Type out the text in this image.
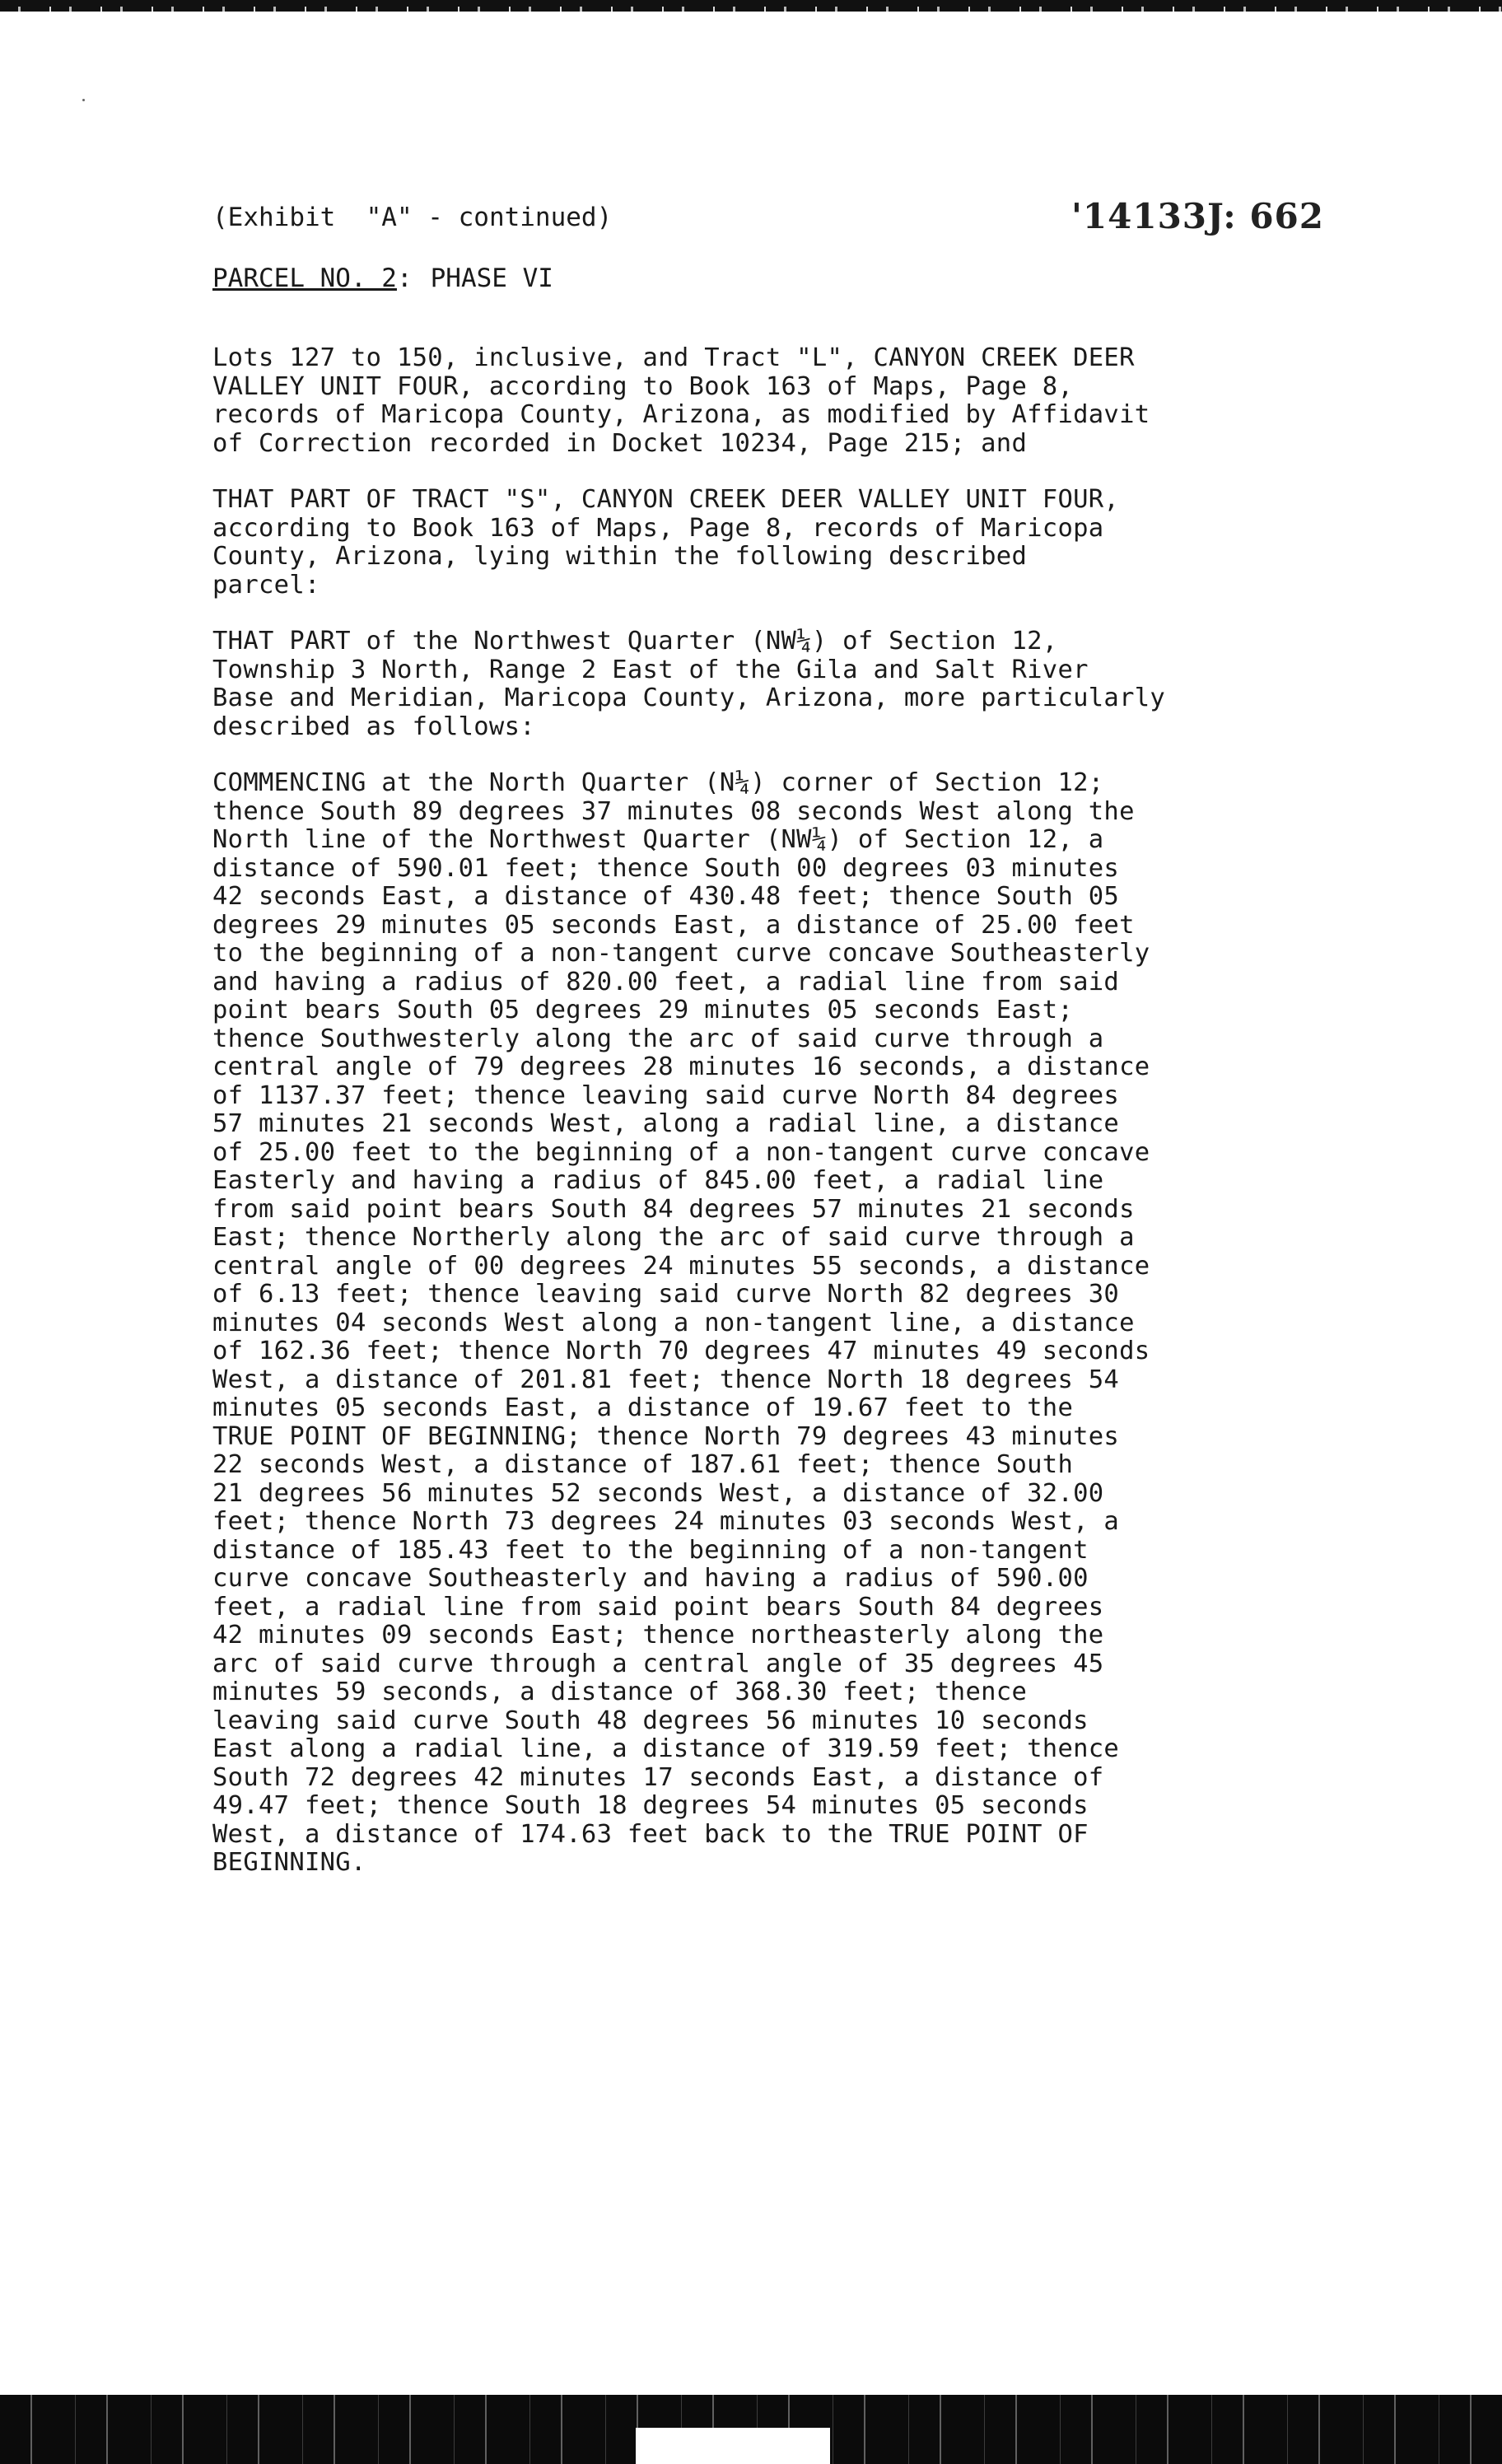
(Exhibit  "A" - continued)	'14133J: 662
PARCEL NO. 2: PHASE VI
Lots 127 to 150, inclusive, and Tract "L", CANYON CREEK DEER
VALLEY UNIT FOUR, according to Book 163 of Maps, Page 8,
records of Maricopa County, Arizona, as modified by Affidavit
of Correction recorded in Docket 10234, Page 215; and
THAT PART OF TRACT "S", CANYON CREEK DEER VALLEY UNIT FOUR,
according to Book 163 of Maps, Page 8, records of Maricopa
County, Arizona, lying within the following described
parcel:
THAT PART of the Northwest Quarter (NW¼) of Section 12,
Township 3 North, Range 2 East of the Gila and Salt River
Base and Meridian, Maricopa County, Arizona, more particularly
described as follows:
COMMENCING at the North Quarter (N¼) corner of Section 12;
thence South 89 degrees 37 minutes 08 seconds West along the
North line of the Northwest Quarter (NW¼) of Section 12, a
distance of 590.01 feet; thence South 00 degrees 03 minutes
42 seconds East, a distance of 430.48 feet; thence South 05
degrees 29 minutes 05 seconds East, a distance of 25.00 feet
to the beginning of a non-tangent curve concave Southeasterly
and having a radius of 820.00 feet, a radial line from said
point bears South 05 degrees 29 minutes 05 seconds East;
thence Southwesterly along the arc of said curve through a
central angle of 79 degrees 28 minutes 16 seconds, a distance
of 1137.37 feet; thence leaving said curve North 84 degrees
57 minutes 21 seconds West, along a radial line, a distance
of 25.00 feet to the beginning of a non-tangent curve concave
Easterly and having a radius of 845.00 feet, a radial line
from said point bears South 84 degrees 57 minutes 21 seconds
East; thence Northerly along the arc of said curve through a
central angle of 00 degrees 24 minutes 55 seconds, a distance
of 6.13 feet; thence leaving said curve North 82 degrees 30
minutes 04 seconds West along a non-tangent line, a distance
of 162.36 feet; thence North 70 degrees 47 minutes 49 seconds
West, a distance of 201.81 feet; thence North 18 degrees 54
minutes 05 seconds East, a distance of 19.67 feet to the
TRUE POINT OF BEGINNING; thence North 79 degrees 43 minutes
22 seconds West, a distance of 187.61 feet; thence South
21 degrees 56 minutes 52 seconds West, a distance of 32.00
feet; thence North 73 degrees 24 minutes 03 seconds West, a
distance of 185.43 feet to the beginning of a non-tangent
curve concave Southeasterly and having a radius of 590.00
feet, a radial line from said point bears South 84 degrees
42 minutes 09 seconds East; thence northeasterly along the
arc of said curve through a central angle of 35 degrees 45
minutes 59 seconds, a distance of 368.30 feet; thence
leaving said curve South 48 degrees 56 minutes 10 seconds
East along a radial line, a distance of 319.59 feet; thence
South 72 degrees 42 minutes 17 seconds East, a distance of
49.47 feet; thence South 18 degrees 54 minutes 05 seconds
West, a distance of 174.63 feet back to the TRUE POINT OF
BEGINNING.
